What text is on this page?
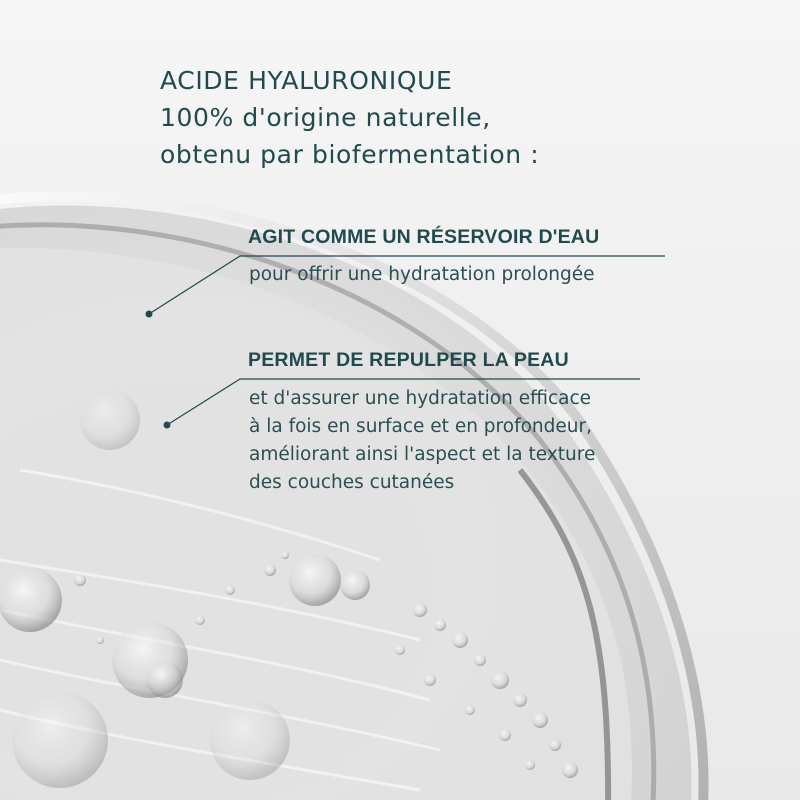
ACIDE HYALURONIQUE
100% d'origine naturelle,
obtenu par biofermentation :

AGIT COMME UN RÉSERVOIR D'EAU

pour offrir une hydratation prolongée

PERMET DE REPULPER LA PEAU

et d'assurer une hydratation efficace
à la fois en surface et en profondeur,
améliorant ainsi l'aspect et la texture
des couches cutanées
